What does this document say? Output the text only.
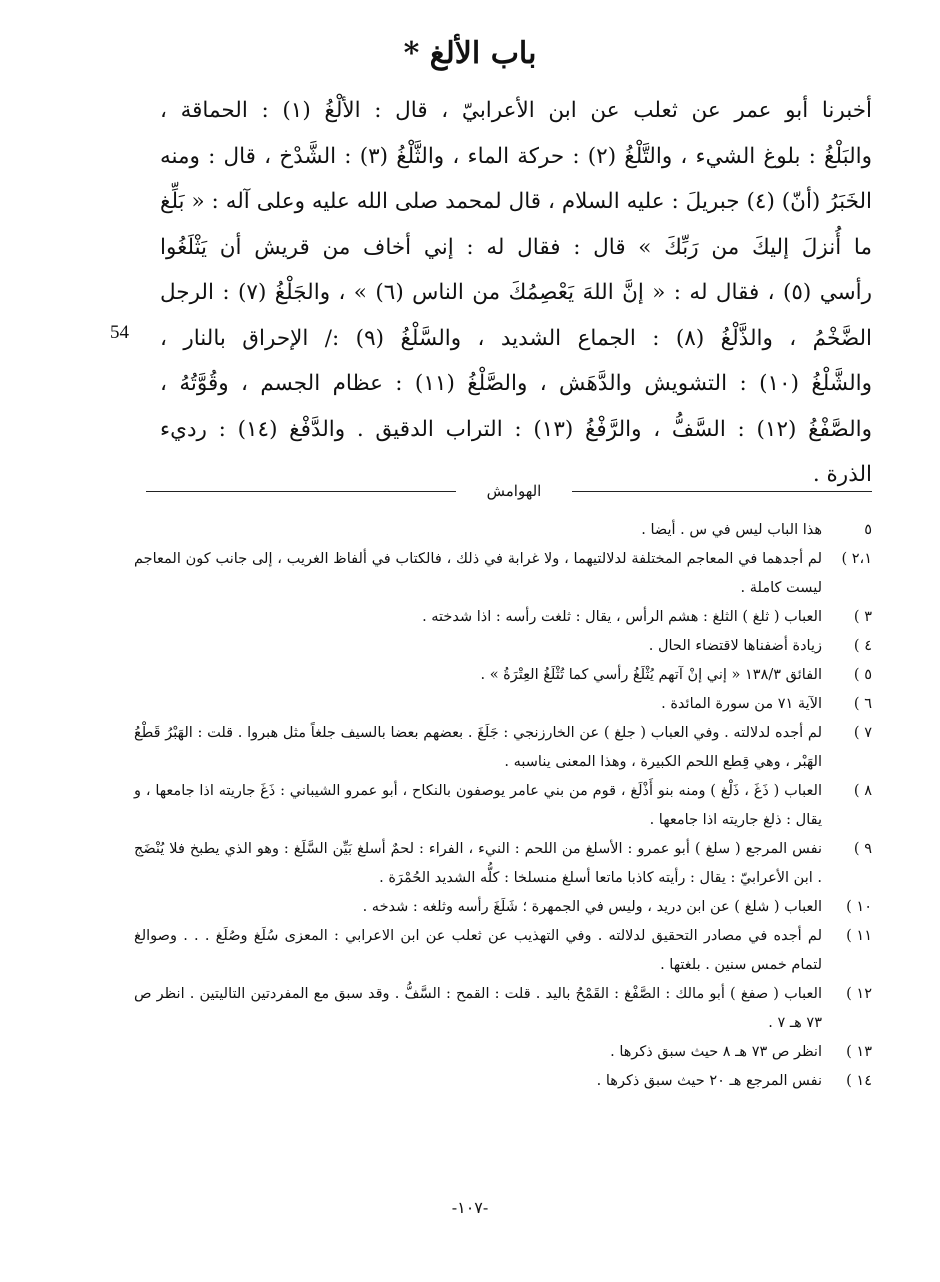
باب الألغ *
أخبرنا أبو عمر عن ثعلب عن ابن الأعرابيّ ، قال : الألْغُ (١) : الحماقة ،
والبَلْغُ : بلوغ الشيء ، والتَّلْغُ (٢) : حركة الماء ، والثَّلْغُ (٣) : الشَّدْخ ، قال : ومنه
الخَبَرُ (أنّ) (٤) جبريلَ : عليه السلام ، قال لمحمد صلى الله عليه وعلى آله : « بَلِّغ
ما أُنزلَ إليكَ من رَبِّكَ » قال : فقال له : إني أخاف من قريش أن يَثْلَغُوا
رأسي (٥) ، فقال له : « إنَّ اللهَ يَعْصِمُكَ من الناس (٦) » ، والجَلْغُ (٧) : الرجل
الضَّخْمُ ، والذَّلْغُ (٨) : الجماع الشديد ، والسَّلْغُ (٩) :/ الإحراق بالنار ،
والشَّلْغُ (١٠) : التشويش والدَّهَش ، والصَّلْغُ (١١) : عظام الجسم ، وقُوَّتُهُ ،
والصَّفْغُ (١٢) : السَّفُّ ، والرَّفْغُ (١٣) : التراب الدقيق . والدَّفْغ (١٤) : رديء
الذرة .
54
الهوامش
٥
هذا الباب ليس في س . أيضا .
٢،١ )
لم أجدهما في المعاجم المختلفة لدلالتيهما ، ولا غرابة في ذلك ، فالكتاب في ألفاظ الغريب ، إلى جانب كون المعاجم ليست كاملة .
٣ )
العباب ( ثلغ ) الثلغ : هشم الرأس ، يقال : ثلغت رأسه : اذا شدخته .
٤ )
زيادة أضفناها لاقتضاء الحال .
٥ )
الفائق ١٣٨/٣ « إني إنْ آتهم يُثْلَغُ رأسي كما تُثْلَغُ العِتْرَةُ » .
٦ )
الآية ٧١ من سورة المائدة .
٧ )
لم أجده لدلالته . وفي العباب ( جلغ ) عن الخارزنجي : جَلَغَ . بعضهم بعضا بالسيف جلغاً مثل هبروا . قلت : الهَبْرُ قَطْعُ الهَبْر ، وهي قِطع اللحم الكبيرة ، وهذا المعنى يناسبه .
٨ )
العباب ( ذَغَ ، ذَلْغ ) ومنه بنو أَذْلَغ ، قوم من بني عامر يوصفون بالنكاح ، أبو عمرو الشيباني : ذَغَ جاريته اذا جامعها ، و يقال : ذلغ جاريته اذا جامعها .
٩ )
نفس المرجع ( سلغ ) أبو عمرو : الأسلغ من اللحم : النيء ، الفراء : لحمٌ أسلغ بَيِّن السَّلَغ : وهو الذي يطبخ فلا يُنْضَج . ابن الأعرابيّ : يقال : رأيته كاذبا ماتعا أسلغ منسلخا : كلُّه الشديد الحُمْرَة .
١٠ )
العباب ( شلغ ) عن ابن دريد ، وليس في الجمهرة ؛ شَلَغَ رأسه وثلغه : شدخه .
١١ )
لم أجده في مصادر التحقيق لدلالته . وفي التهذيب عن ثعلب عن ابن الاعرابي : المعزى سُلَغ وصُلَغ . . . وصوالغ لتمام خمس سنين . بلغتها .
١٢ )
العباب ( صفغ ) أبو مالك : الصَّفْغ : القَمْحُ باليد . قلت : القمح : السَّفُّ . وقد سبق مع المفردتين التاليتين . انظر ص ٧٣ هـ ٧ .
١٣ )
انظر ص ٧٣ هـ ٨ حيث سبق ذكرها .
١٤ )
نفس المرجع هـ ٢٠ حيث سبق ذكرها .
-١٠٧-
